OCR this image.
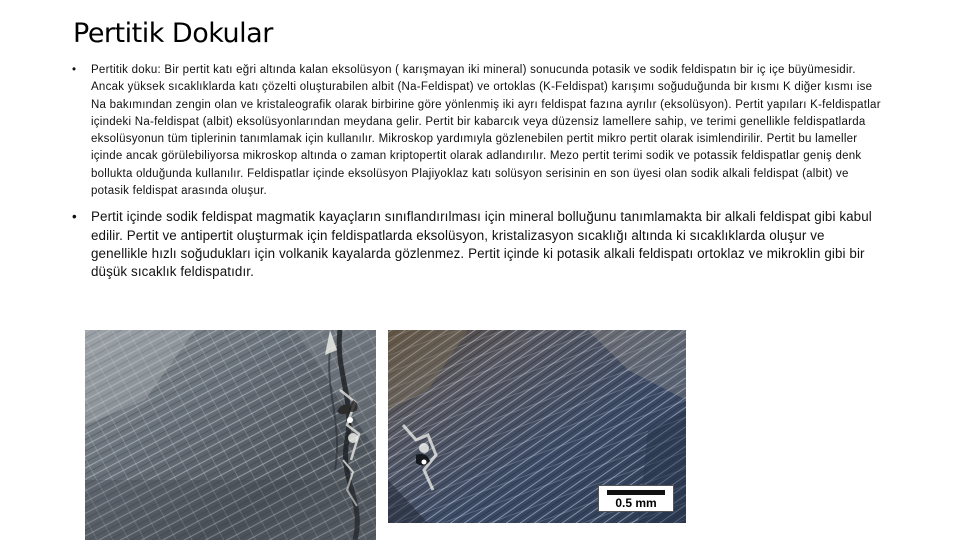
Pertitik Dokular
• Pertitik doku: Bir pertit katı eğri altında kalan eksolüsyon ( karışmayan iki mineral) sonucunda potasik ve sodik feldispatın bir iç içe büyümesidir. Ancak yüksek sıcaklıklarda katı çözelti oluşturabilen albit (Na-Feldispat) ve ortoklas (K-Feldispat) karışımı soğuduğunda bir kısmı K diğer kısmı ise Na bakımından zengin olan ve kristaleografik olarak birbirine göre yönlenmiş iki ayrı feldispat fazına ayrılır (eksolüsyon). Pertit yapıları K-feldispatlar içindeki Na-feldispat (albit) eksolüsyonlarından meydana gelir. Pertit bir kabarcık veya düzensiz lamellere sahip, ve terimi genellikle feldispatlarda eksolüsyonun tüm tiplerinin tanımlamak için kullanılır. Mikroskop yardımıyla gözlenebilen pertit mikro pertit olarak isimlendirilir. Pertit bu lameller içinde ancak görülebiliyorsa mikroskop altında o zaman kriptopertit olarak adlandırılır. Mezo pertit terimi sodik ve potassik feldispatlar geniş denk bollukta olduğunda kullanılır. Feldispatlar içinde eksolüsyon Plajiyoklaz katı solüsyon serisinin en son üyesi olan sodik alkali feldispat (albit) ve potasik feldispat arasında oluşur.
• Pertit içinde sodik feldispat magmatik kayaçların sınıflandırılması için mineral bolluğunu tanımlamakta bir alkali feldispat gibi kabul edilir. Pertit ve antipertit oluşturmak için feldispatlarda eksolüsyon, kristalizasyon sıcaklığı altında ki sıcaklıklarda oluşur ve genellikle hızlı soğudukları için volkanik kayalarda gözlenmez. Pertit içinde ki potasik alkali feldispatı ortoklaz ve mikroklin gibi bir düşük sıcaklık feldispatıdır.
0.5 mm
